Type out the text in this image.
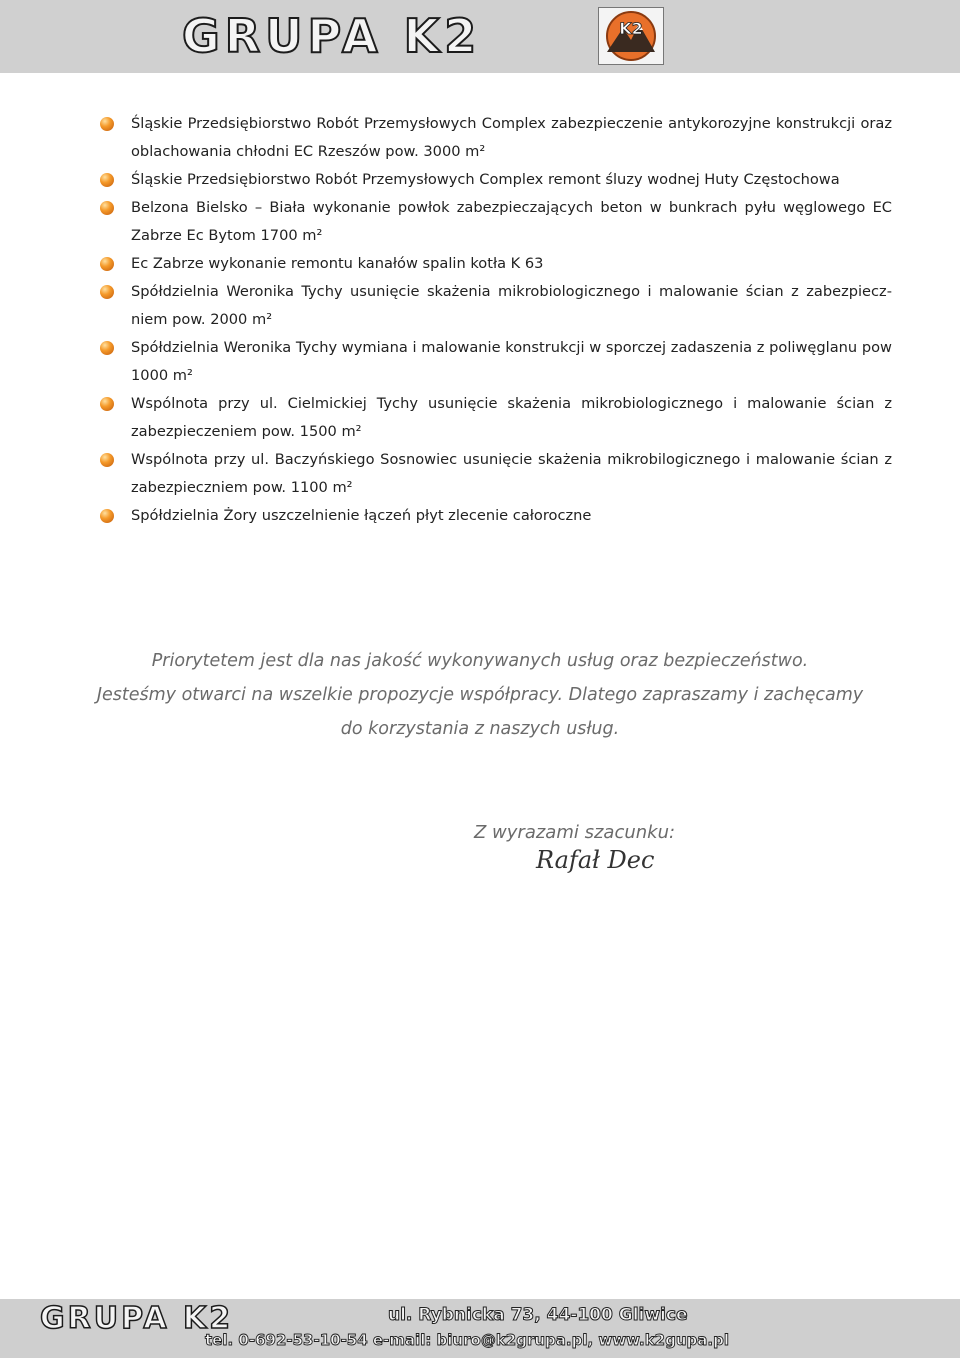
GRUPA K2	K2
Śląskie Przedsiębiorstwo Robót Przemysłowych Complex zabezpieczenie antykorozyjne konstrukcji oraz oblachowania chłodni EC Rzeszów pow. 3000 m²
Śląskie Przedsiębiorstwo Robót Przemysłowych Complex remont śluzy wodnej Huty Częstochowa
Belzona Bielsko – Biała wykonanie powłok zabezpieczających beton w bunkrach pyłu węglowego EC Zabrze Ec Bytom 1700 m²
Ec Zabrze wykonanie remontu kanałów spalin kotła K 63
Spółdzielnia Weronika Tychy usunięcie skażenia mikrobiologicznego i malowanie ścian z zabezpieczniem pow. 2000 m²
Spółdzielnia Weronika Tychy wymiana i malowanie konstrukcji w sporczej zadaszenia z poliwęglanu pow 1000 m²
Wspólnota przy ul. Cielmickiej Tychy usunięcie skażenia mikrobiologicznego i malowanie ścian z zabezpieczeniem pow. 1500 m²
Wspólnota przy ul. Baczyńskiego Sosnowiec usunięcie skażenia mikrobilogicznego i malowanie ścian z zabezpieczniem pow. 1100 m²
Spółdzielnia Żory uszczelnienie łączeń płyt zlecenie całoroczne
Priorytetem jest dla nas jakość wykonywanych usług oraz bezpieczeństwo.
Jesteśmy otwarci na wszelkie propozycje współpracy. Dlatego zapraszamy i zachęcamy
do korzystania z naszych usług.
Z wyrazami szacunku:
Rafał Dec
GRUPA K2	ul. Rybnicka 73, 44-100 Gliwice
tel. 0-692-53-10-54 e-mail: biuro@k2grupa.pl, www.k2gupa.pl
